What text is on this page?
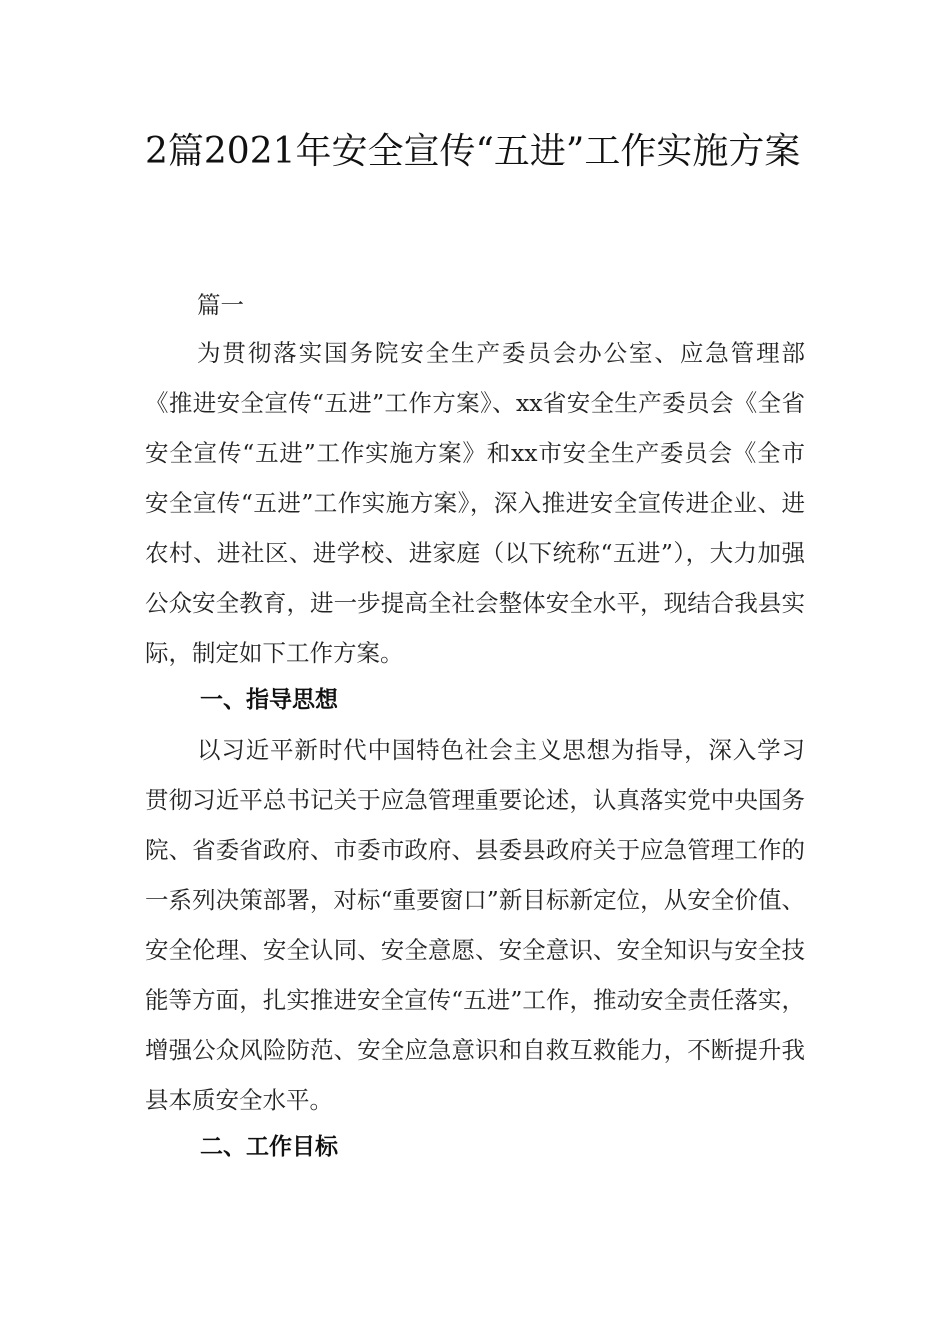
2篇2021年安全宣传“五进”工作实施方案

篇一

为贯彻落实国务院安全生产委员会办公室、应急管理部《推进安全宣传“五进”工作方案》、xx省安全生产委员会《全省安全宣传“五进”工作实施方案》和xx市安全生产委员会《全市安全宣传“五进”工作实施方案》，深入推进安全宣传进企业、进农村、进社区、进学校、进家庭（以下统称“五进”），大力加强公众安全教育，进一步提高全社会整体安全水平，现结合我县实际，制定如下工作方案。

一、指导思想

以习近平新时代中国特色社会主义思想为指导，深入学习贯彻习近平总书记关于应急管理重要论述，认真落实党中央国务院、省委省政府、市委市政府、县委县政府关于应急管理工作的一系列决策部署，对标“重要窗口”新目标新定位，从安全价值、安全伦理、安全认同、安全意愿、安全意识、安全知识与安全技能等方面，扎实推进安全宣传“五进”工作，推动安全责任落实，增强公众风险防范、安全应急意识和自救互救能力，不断提升我县本质安全水平。

二、工作目标
